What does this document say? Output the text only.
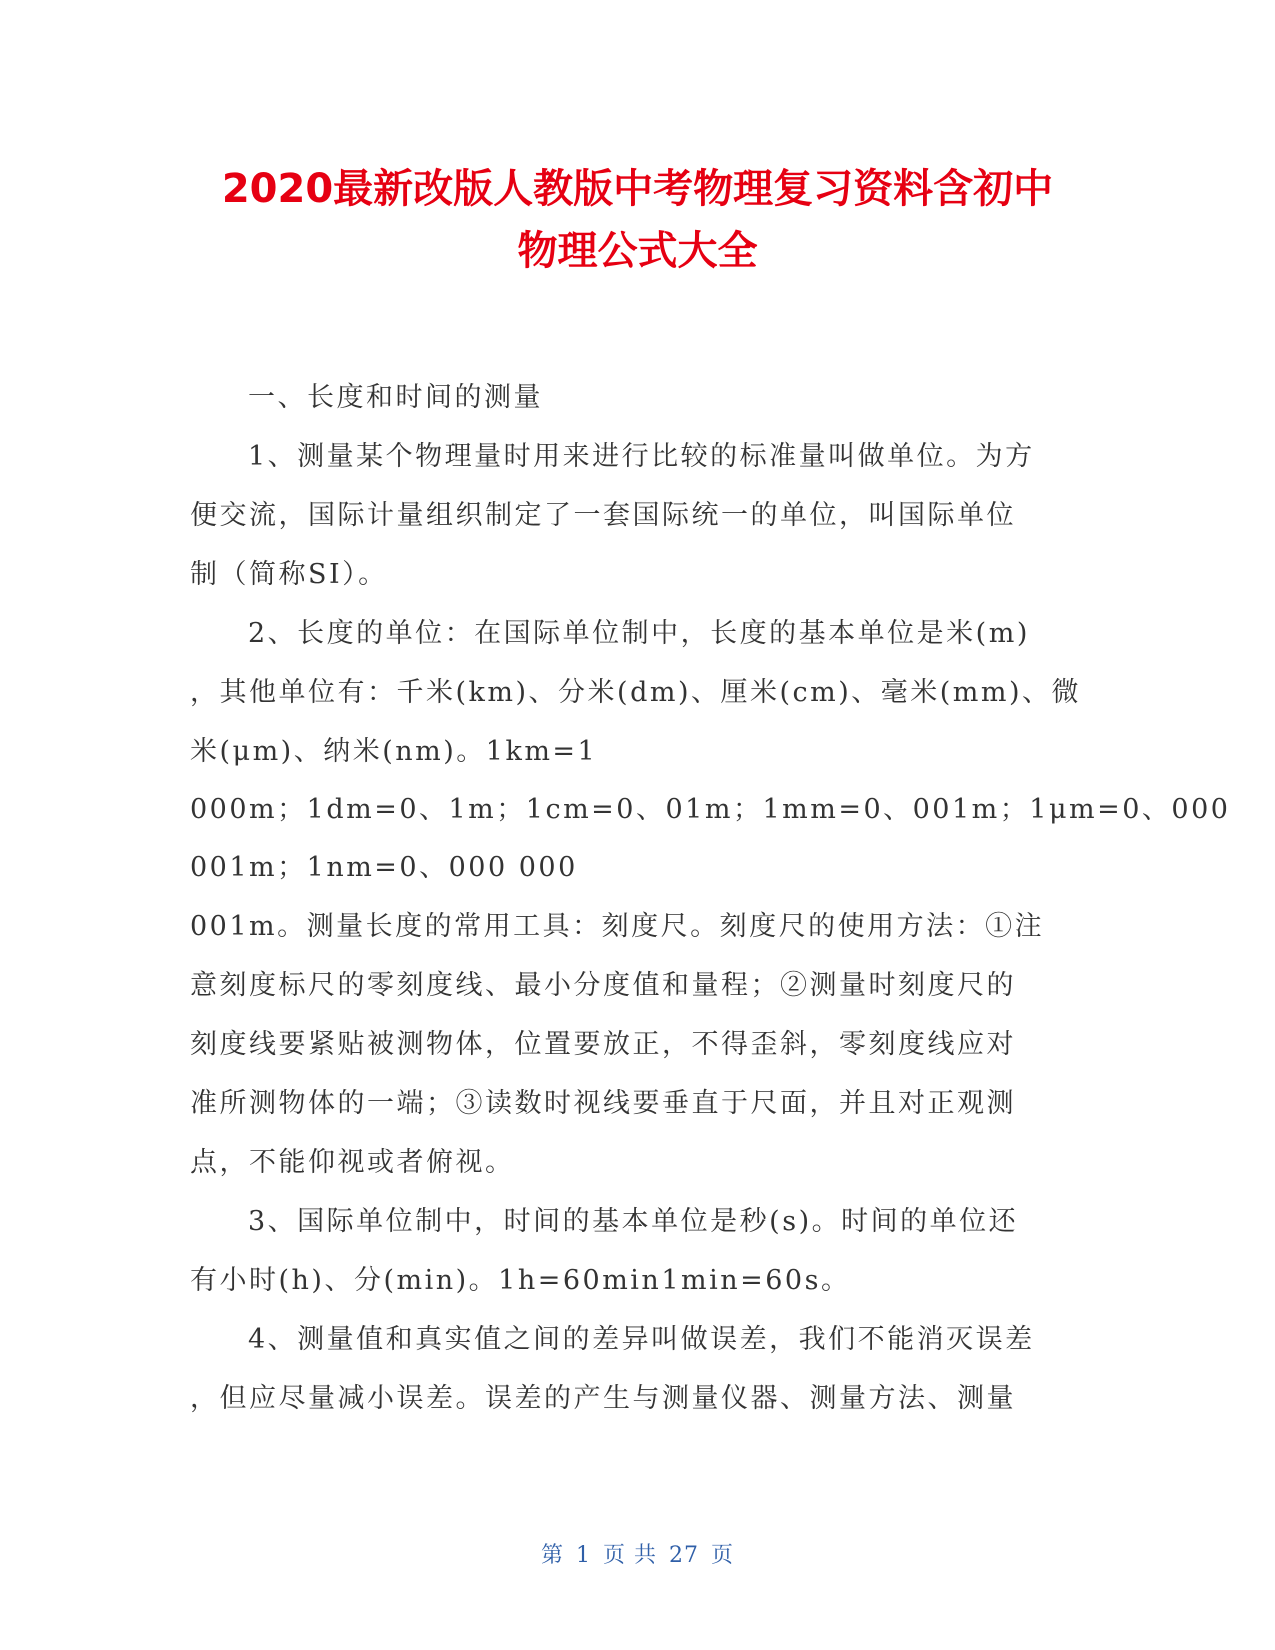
2020最新改版人教版中考物理复习资料含初中
物理公式大全
一、长度和时间的测量
1、测量某个物理量时用来进行比较的标准量叫做单位。为方
便交流，国际计量组织制定了一套国际统一的单位，叫国际单位
制（简称SI）。
2、长度的单位：在国际单位制中，长度的基本单位是米(m)
，其他单位有：千米(km)、分米(dm)、厘米(cm)、毫米(mm)、微
米(μm)、纳米(nm)。1km=1
000m；1dm=0、1m；1cm=0、01m；1mm=0、001m；1μm=0、000
001m；1nm=0、000 000
001m。测量长度的常用工具：刻度尺。刻度尺的使用方法：①注
意刻度标尺的零刻度线、最小分度值和量程；②测量时刻度尺的
刻度线要紧贴被测物体，位置要放正，不得歪斜，零刻度线应对
准所测物体的一端；③读数时视线要垂直于尺面，并且对正观测
点，不能仰视或者俯视。
3、国际单位制中，时间的基本单位是秒(s)。时间的单位还
有小时(h)、分(min)。1h=60min1min=60s。
4、测量值和真实值之间的差异叫做误差，我们不能消灭误差
，但应尽量减小误差。误差的产生与测量仪器、测量方法、测量
第 1 页 共 27 页
